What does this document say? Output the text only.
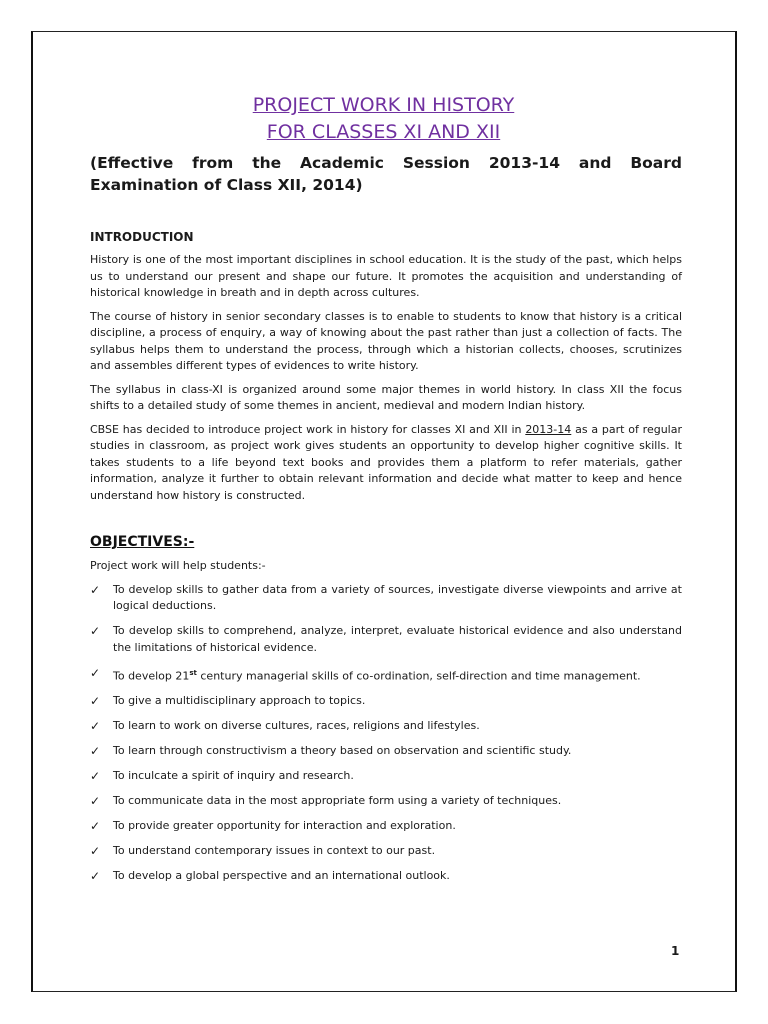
PROJECT WORK IN HISTORY
FOR CLASSES XI AND XII
(Effective from the Academic Session 2013-14 and Board
Examination of Class XII, 2014)
INTRODUCTION

History is one of the most important disciplines in school education. It is the study of the past, which helps us to understand our present and shape our future. It promotes the acquisition and understanding of historical knowledge in breath and in depth across cultures.

The course of history in senior secondary classes is to enable to students to know that history is a critical discipline, a process of enquiry, a way of knowing about the past rather than just a collection of facts. The syllabus helps them to understand the process, through which a historian collects, chooses, scrutinizes and assembles different types of evidences to write history.

The syllabus in class-XI is organized around some major themes in world history. In class XII the focus shifts to a detailed study of some themes in ancient, medieval and modern Indian history.

CBSE has decided to introduce project work in history for classes XI and XII in 2013-14 as a part of regular studies in classroom, as project work gives students an opportunity to develop higher cognitive skills. It takes students to a life beyond text books and provides them a platform to refer materials, gather information, analyze it further to obtain relevant information and decide what matter to keep and hence understand how history is constructed.

OBJECTIVES:-

Project work will help students:-

✓ To develop skills to gather data from a variety of sources, investigate diverse viewpoints and arrive at logical deductions.
✓ To develop skills to comprehend, analyze, interpret, evaluate historical evidence and also understand the limitations of historical evidence.
✓ To develop 21st century managerial skills of co-ordination, self-direction and time management.
✓ To give a multidisciplinary approach to topics.
✓ To learn to work on diverse cultures, races, religions and lifestyles.
✓ To learn through constructivism a theory based on observation and scientific study.
✓ To inculcate a spirit of inquiry and research.
✓ To communicate data in the most appropriate form using a variety of techniques.
✓ To provide greater opportunity for interaction and exploration.
✓ To understand contemporary issues in context to our past.
✓ To develop a global perspective and an international outlook.
1
